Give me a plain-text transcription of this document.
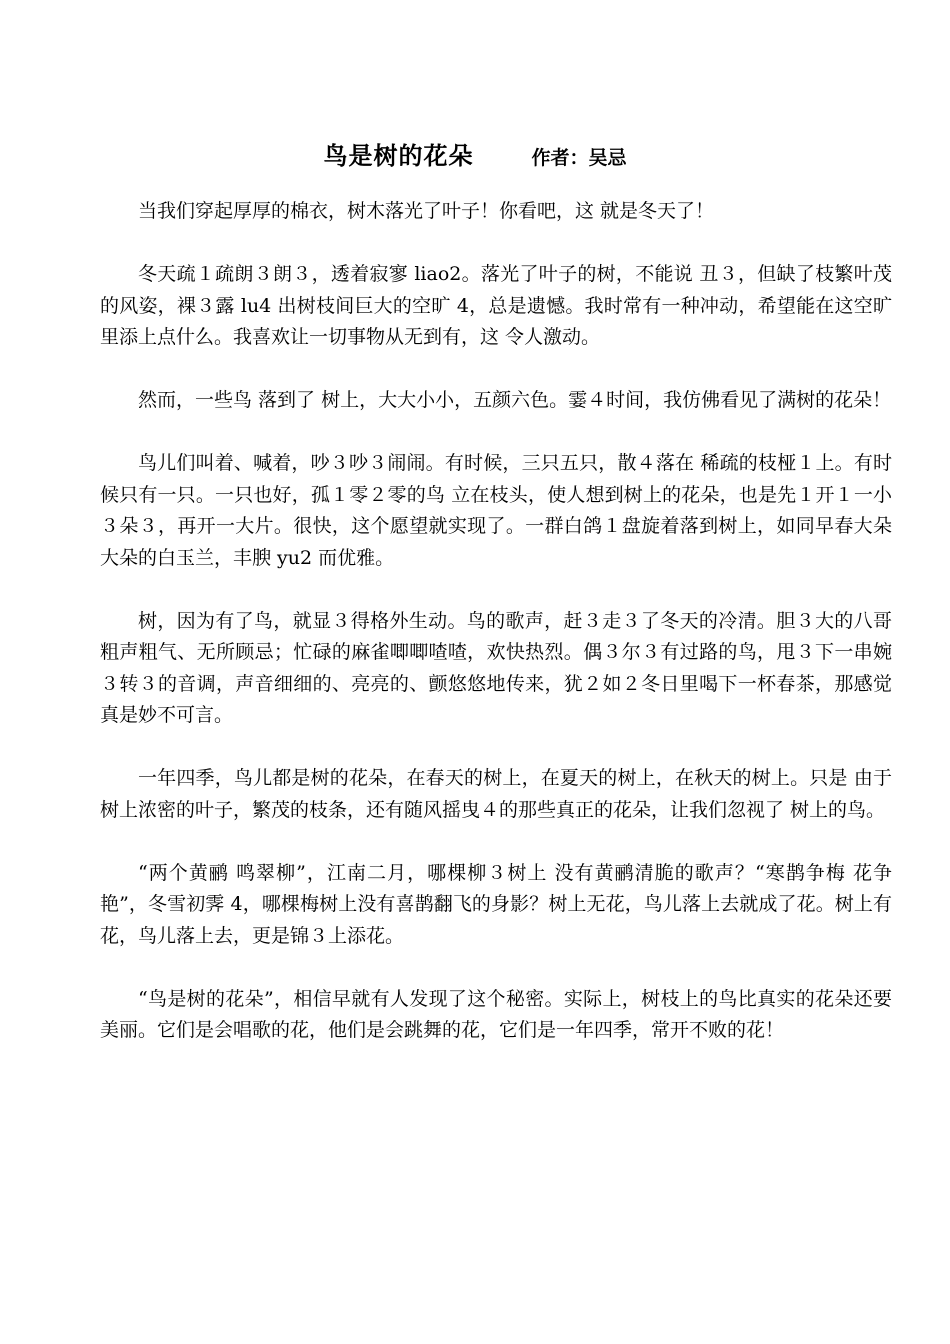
鸟是树的花朵	作者：吴忌

当我们穿起厚厚的棉衣，树木落光了叶子！你看吧，这 就是冬天了！

冬天疏１疏朗３朗３，透着寂寥 liao2。落光了叶子的树，不能说 丑３，但缺了枝繁叶茂的风姿，裸３露 lu4 出树枝间巨大的空旷 4，总是遗憾。我时常有一种冲动，希望能在这空旷里添上点什么。我喜欢让一切事物从无到有，这 令人激动。

然而，一些鸟 落到了 树上，大大小小，五颜六色。霎４时间，我仿佛看见了满树的花朵！

鸟儿们叫着、喊着，吵３吵３闹闹。有时候，三只五只，散４落在 稀疏的枝桠１上。有时候只有一只。一只也好，孤１零２零的鸟 立在枝头，使人想到树上的花朵，也是先１开１一小３朵３，再开一大片。很快，这个愿望就实现了。一群白鸽１盘旋着落到树上，如同早春大朵大朵的白玉兰，丰腴 yu2 而优雅。

树，因为有了鸟，就显３得格外生动。鸟的歌声，赶３走３了冬天的冷清。胆３大的八哥粗声粗气、无所顾忌；忙碌的麻雀唧唧喳喳，欢快热烈。偶３尔３有过路的鸟，甩３下一串婉３转３的音调，声音细细的、亮亮的、颤悠悠地传来，犹２如２冬日里喝下一杯春茶，那感觉 真是妙不可言。

一年四季，鸟儿都是树的花朵，在春天的树上，在夏天的树上，在秋天的树上。只是 由于树上浓密的叶子，繁茂的枝条，还有随风摇曳４的那些真正的花朵，让我们忽视了 树上的鸟。

“两个黄鹂 鸣翠柳”，江南二月，哪棵柳３树上 没有黄鹂清脆的歌声？“寒鹊争梅 花争艳”，冬雪初霁 4，哪棵梅树上没有喜鹊翻飞的身影？树上无花，鸟儿落上去就成了花。树上有花，鸟儿落上去，更是锦３上添花。

“鸟是树的花朵”，相信早就有人发现了这个秘密。实际上，树枝上的鸟比真实的花朵还要美丽。它们是会唱歌的花，他们是会跳舞的花，它们是一年四季，常开不败的花！
